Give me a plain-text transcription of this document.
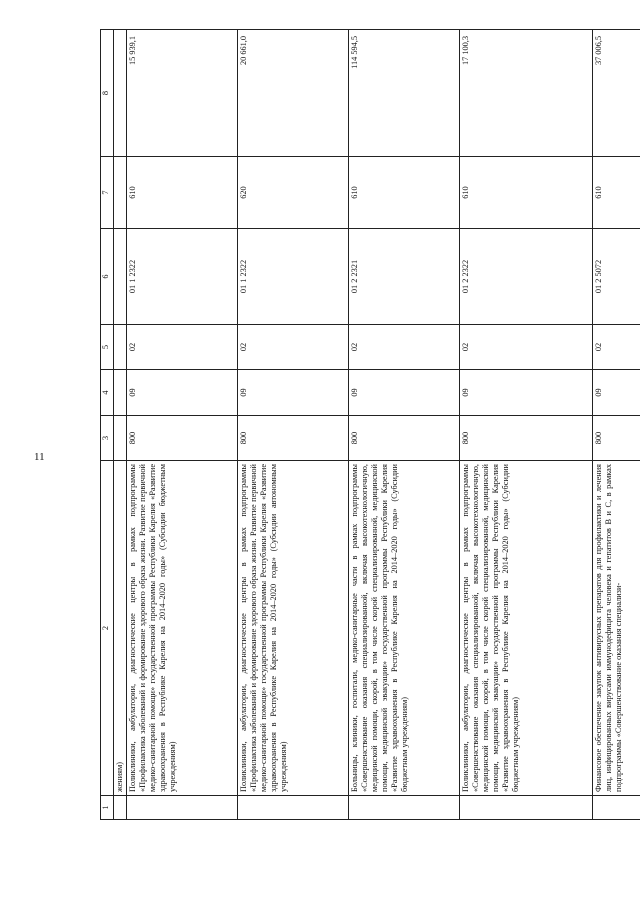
11
1	2	3	4	5	6	7	8
	жениям)						
	Поликлиники, амбулатории, диагностические центры в рамках подпрограммы «Профилактика заболеваний и формирование здорового образа жизни. Развитие первичной медико-санитарной помощи» государственной программы Республики Карелия «Развитие здравоохранения в Республике Карелия на 2014–2020 годы» (Субсидии бюджетным учреждениям)	800	09	02	01 1 2322	610	15 939,1
	Поликлиники, амбулатории, диагностические центры в рамках подпрограммы «Профилактика заболеваний и формирование здорового образа жизни. Развитие первичной медико-санитарной помощи» государственной программы Республики Карелия «Развитие здравоохранения в Республике Карелия на 2014–2020 годы» (Субсидии автономным учреждениям)	800	09	02	01 1 2322	620	20 661,0
	Больницы, клиники, госпитали, медико-санитарные части в рамках подпрограммы «Совершенствование оказания специализированной, включая высокотехнологичную, медицинской помощи, скорой, в том числе скорой специализированной, медицинской помощи, медицинской эвакуации» государственной программы Республики Карелия «Развитие здравоохранения в Республике Карелия на 2014–2020 годы» (Субсидии бюджетным учреждениям)	800	09	02	01 2 2321	610	114 594,5
	Поликлиники, амбулатории, диагностические центры в рамках подпрограммы «Совершенствование оказания специализированной, включая высокотехнологичную, медицинской помощи, скорой, в том числе скорой специализированной, медицинской помощи, медицинской эвакуации» государственной программы Республики Карелия «Развитие здравоохранения в Республике Карелия на 2014–2020 годы» (Субсидии бюджетным учреждениям)	800	09	02	01 2 2322	610	17 100,3
	Финансовое обеспечение закупок антивирусных препаратов для профилактики и лечения лиц, инфицированных вирусами иммунодефицита человека и гепатитов B и C, в рамках подпрограммы «Совершенствование оказания специализи-	800	09	02	01 2 5072	610	37 006,5
